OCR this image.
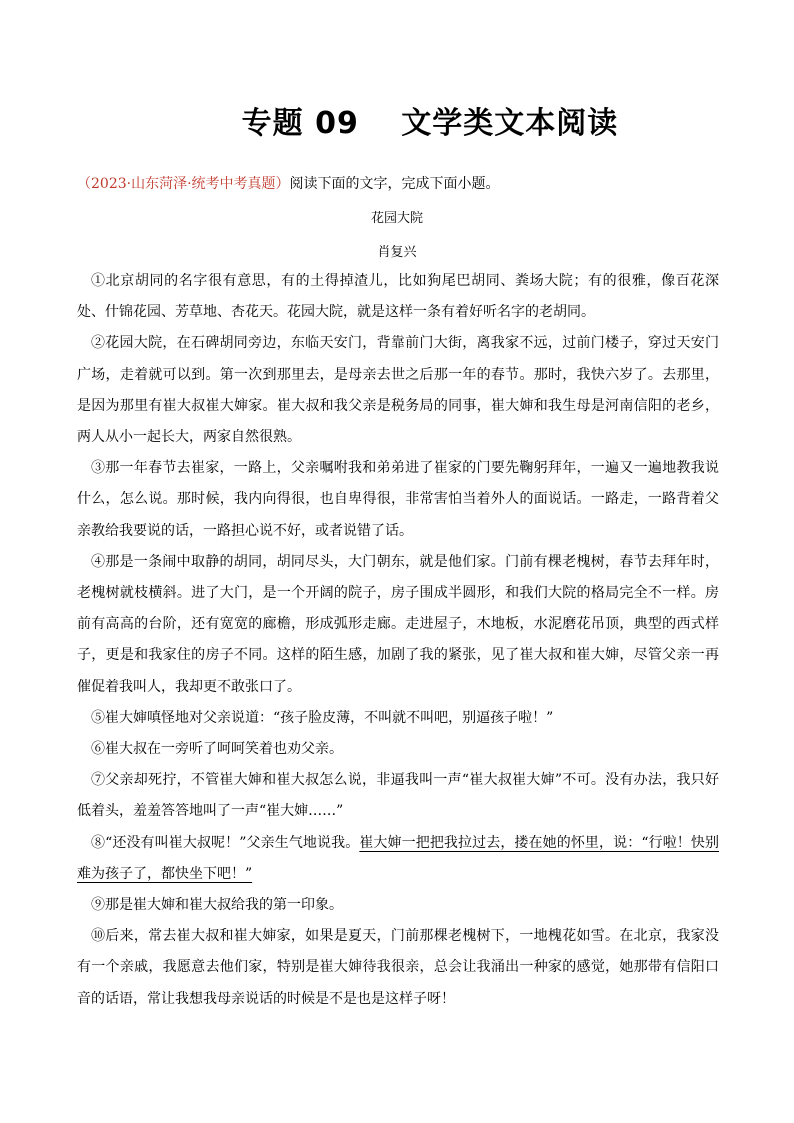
专题 09　 文学类文本阅读
（2023·山东菏泽·统考中考真题）阅读下面的文字，完成下面小题。
花园大院
肖复兴

①北京胡同的名字很有意思，有的土得掉渣儿，比如狗尾巴胡同、粪场大院；有的很雅，像百花深处、什锦花园、芳草地、杏花天。花园大院，就是这样一条有着好听名字的老胡同。

②花园大院，在石碑胡同旁边，东临天安门，背靠前门大街，离我家不远，过前门楼子，穿过天安门广场，走着就可以到。第一次到那里去，是母亲去世之后那一年的春节。那时，我快六岁了。去那里，是因为那里有崔大叔崔大婶家。崔大叔和我父亲是税务局的同事，崔大婶和我生母是河南信阳的老乡，两人从小一起长大，两家自然很熟。

③那一年春节去崔家，一路上，父亲嘱咐我和弟弟进了崔家的门要先鞠躬拜年，一遍又一遍地教我说什么，怎么说。那时候，我内向得很，也自卑得很，非常害怕当着外人的面说话。一路走，一路背着父亲教给我要说的话，一路担心说不好，或者说错了话。

④那是一条闹中取静的胡同，胡同尽头，大门朝东，就是他们家。门前有棵老槐树，春节去拜年时，老槐树就枝横斜。进了大门，是一个开阔的院子，房子围成半圆形，和我们大院的格局完全不一样。房前有高高的台阶，还有宽宽的廊檐，形成弧形走廊。走进屋子，木地板，水泥磨花吊顶，典型的西式样子，更是和我家住的房子不同。这样的陌生感，加剧了我的紧张，见了崔大叔和崔大婶，尽管父亲一再催促着我叫人，我却更不敢张口了。

⑤崔大婶嗔怪地对父亲说道：“孩子脸皮薄，不叫就不叫吧，别逼孩子啦！”

⑥崔大叔在一旁听了呵呵笑着也劝父亲。

⑦父亲却死拧，不管崔大婶和崔大叔怎么说，非逼我叫一声“崔大叔崔大婶”不可。没有办法，我只好低着头，羞羞答答地叫了一声“崔大婶……”

⑧“还没有叫崔大叔呢！”父亲生气地说我。崔大婶一把把我拉过去，搂在她的怀里，说：“行啦！快别难为孩子了，都快坐下吧！”

⑨那是崔大婶和崔大叔给我的第一印象。

⑩后来，常去崔大叔和崔大婶家，如果是夏天，门前那棵老槐树下，一地槐花如雪。在北京，我家没有一个亲戚，我愿意去他们家，特别是崔大婶待我很亲，总会让我涌出一种家的感觉，她那带有信阳口音的话语，常让我想我母亲说话的时候是不是也是这样子呀！
